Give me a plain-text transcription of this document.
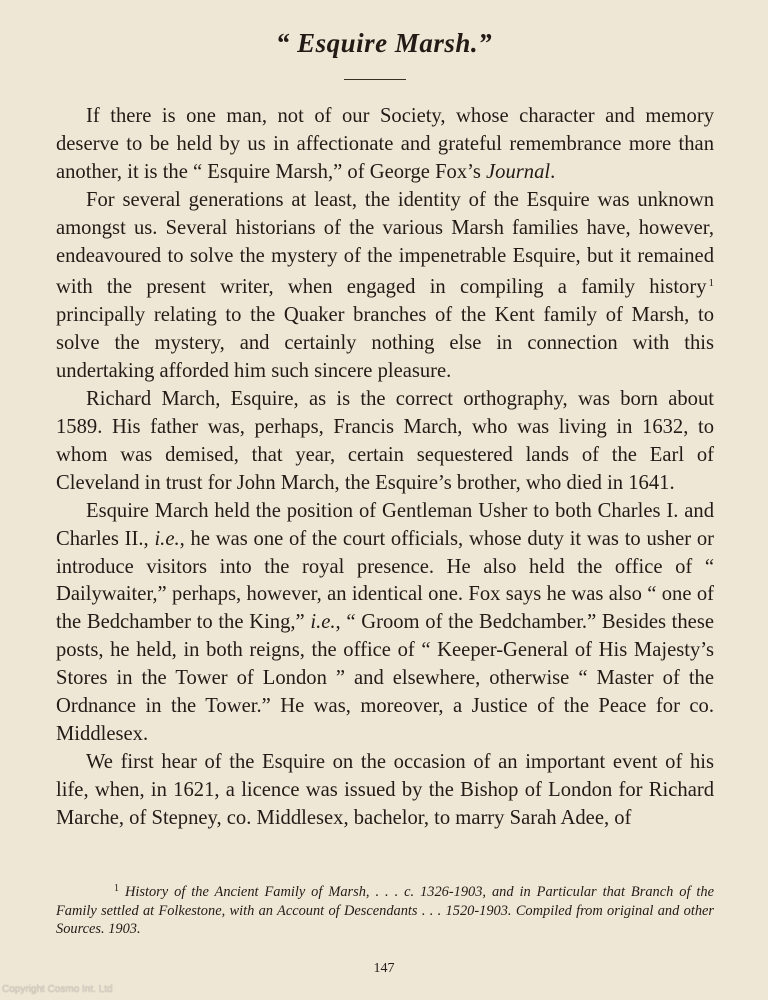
“ Esquire Marsh.”

If there is one man, not of our Society, whose character and memory deserve to be held by us in affectionate and grateful remembrance more than another, it is the “ Esquire Marsh,” of George Fox’s Journal.

For several generations at least, the identity of the Esquire was unknown amongst us. Several historians of the various Marsh families have, however, endeavoured to solve the mystery of the impenetrable Esquire, but it remained with the present writer, when engaged in compiling a family history $^1$ principally relating to the Quaker branches of the Kent family of Marsh, to solve the mystery, and certainly nothing else in connection with this undertaking afforded him such sincere pleasure.

Richard March, Esquire, as is the correct orthography, was born about 1589. His father was, perhaps, Francis March, who was living in 1632, to whom was demised, that year, certain sequestered lands of the Earl of Cleveland in trust for John March, the Esquire’s brother, who died in 1641.

Esquire March held the position of Gentleman Usher to both Charles I. and Charles II., i.e., he was one of the court officials, whose duty it was to usher or introduce visitors into the royal presence. He also held the office of “ Dailywaiter,” perhaps, however, an identical one. Fox says he was also “ one of the Bedchamber to the King,” i.e., “ Groom of the Bedchamber.” Besides these posts, he held, in both reigns, the office of “ Keeper-General of His Majesty’s Stores in the Tower of London ” and elsewhere, otherwise “ Master of the Ordnance in the Tower.” He was, moreover, a Justice of the Peace for co. Middlesex.

We first hear of the Esquire on the occasion of an important event of his life, when, in 1621, a licence was issued by the Bishop of London for Richard Marche, of Stepney, co. Middlesex, bachelor, to marry Sarah Adee, of

$^1$ History of the Ancient Family of Marsh, . . . c. 1326-1903, and in Particular that Branch of the Family settled at Folkestone, with an Account of Descendants . . . 1520-1903. Compiled from original and other Sources. 1903.
147
Copyright Cosmo Int. Ltd
